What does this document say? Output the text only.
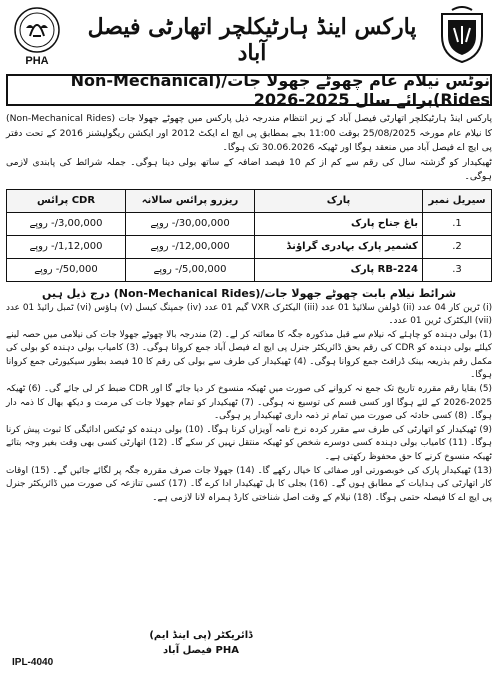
PHA
پارکس اینڈ ہارٹیکلچر اتھارٹی فیصل آباد
نوٹس نیلام عام چھوٹے جھولا جات/(Non-Mechanical Rides)برائے سال 2025-2026

پارکس اینڈ ہارٹیکلچر اتھارٹی فیصل آباد کے زیر انتظام مندرجہ ذیل پارکس میں چھوٹے جھولا جات (Non-Mechanical Rides) کا نیلام عام مورخہ 25/08/2025 بوقت 11:00 بجے بمطابق پی ایچ اے ایکٹ 2012 اور ایکشن ریگولیشنز 2016 کے تحت دفتر پی ایچ اے فیصل آباد میں منعقد ہوگا اور ٹھیکہ 30.06.2026 تک ہوگا۔

ٹھیکیدار کو گزشتہ سال کی رقم سے کم از کم 10 فیصد اضافہ کے ساتھ بولی دینا ہوگی۔ جملہ شرائط کی پابندی لازمی ہوگی۔

سیریل نمبر	پارک	ریزرو پرائس سالانہ	CDR پرائس
1.	باغ جناح پارک	30,00,000/- روپے	3,00,000/- روپے
2.	کشمیر پارک بہادری گراؤنڈ	12,00,000/- روپے	1,12,000/- روپے
3.	224-RB پارک	5,00,000/- روپے	50,000/- روپے
شرائط نیلام بابت چھوٹے جھولا جات/(Non-Mechanical Rides) درج ذیل ہیں

(i) ٹرین کار 04 عدد (ii) ڈولفن سلائیڈ 01 عدد (iii) الیکٹرک VXR گیم 01 عدد (iv) جمپنگ کیسل (v) ہاؤس (vi) ٹمبل رائیڈ 01 عدد (vii) الیکٹرک ٹرین 01 عدد۔

(1) بولی دہندہ کو چاہئے کہ نیلام سے قبل مذکورہ جگہ کا معائنہ کر لے۔ (2) مندرجہ بالا چھوٹے جھولا جات کی نیلامی میں حصہ لینے کیلئے بولی دہندہ کو CDR کی رقم بحق ڈائریکٹر جنرل پی ایچ اے فیصل آباد جمع کروانا ہوگی۔ (3) کامیاب بولی دہندہ کو بولی کی مکمل رقم بذریعہ بینک ڈرافٹ جمع کروانا ہوگی۔ (4) ٹھیکیدار کی طرف سے بولی کی رقم کا 10 فیصد بطور سیکیورٹی جمع کروانا ہوگا۔

(5) بقایا رقم مقررہ تاریخ تک جمع نہ کروانے کی صورت میں ٹھیکہ منسوخ کر دیا جائے گا اور CDR ضبط کر لی جائے گی۔ (6) ٹھیکہ 2025-2026 کے لئے ہوگا اور کسی قسم کی توسیع نہ ہوگی۔ (7) ٹھیکیدار کو تمام جھولا جات کی مرمت و دیکھ بھال کا ذمہ دار ہوگا۔ (8) کسی حادثہ کی صورت میں تمام تر ذمہ داری ٹھیکیدار پر ہوگی۔

(9) ٹھیکیدار کو اتھارٹی کی طرف سے مقرر کردہ نرخ نامہ آویزاں کرنا ہوگا۔ (10) بولی دہندہ کو ٹیکس ادائیگی کا ثبوت پیش کرنا ہوگا۔ (11) کامیاب بولی دہندہ کسی دوسرے شخص کو ٹھیکہ منتقل نہیں کر سکے گا۔ (12) اتھارٹی کسی بھی وقت بغیر وجہ بتائے ٹھیکہ منسوخ کرنے کا حق محفوظ رکھتی ہے۔

(13) ٹھیکیدار پارک کی خوبصورتی اور صفائی کا خیال رکھے گا۔ (14) جھولا جات صرف مقررہ جگہ پر لگائے جائیں گے۔ (15) اوقات کار اتھارٹی کی ہدایات کے مطابق ہوں گے۔ (16) بجلی کا بل ٹھیکیدار ادا کرے گا۔ (17) کسی تنازعہ کی صورت میں ڈائریکٹر جنرل پی ایچ اے کا فیصلہ حتمی ہوگا۔ (18) نیلام کے وقت اصل شناختی کارڈ ہمراہ لانا لازمی ہے۔

ڈائریکٹر (پی اینڈ ایم)
PHA فیصل آباد
IPL-4040
